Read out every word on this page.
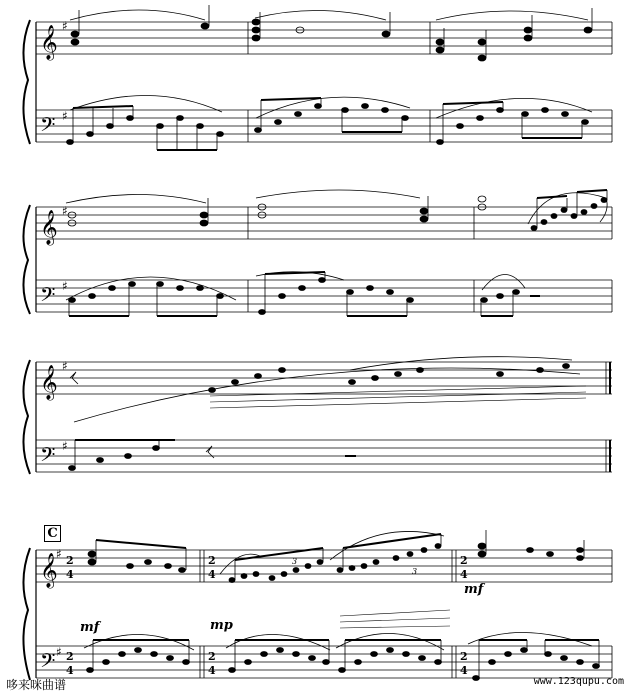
𝄞
𝄢
♯
♯
𝄞
𝄢
♯
♯
𝄞
𝄢
♯
♯
𝄞
𝄢
♯
♯
2
4
2
4
2
4
2
4
2
4
2
4
3
3
C
mf	mp
mf
哆来咪曲谱	www.123qupu.com
